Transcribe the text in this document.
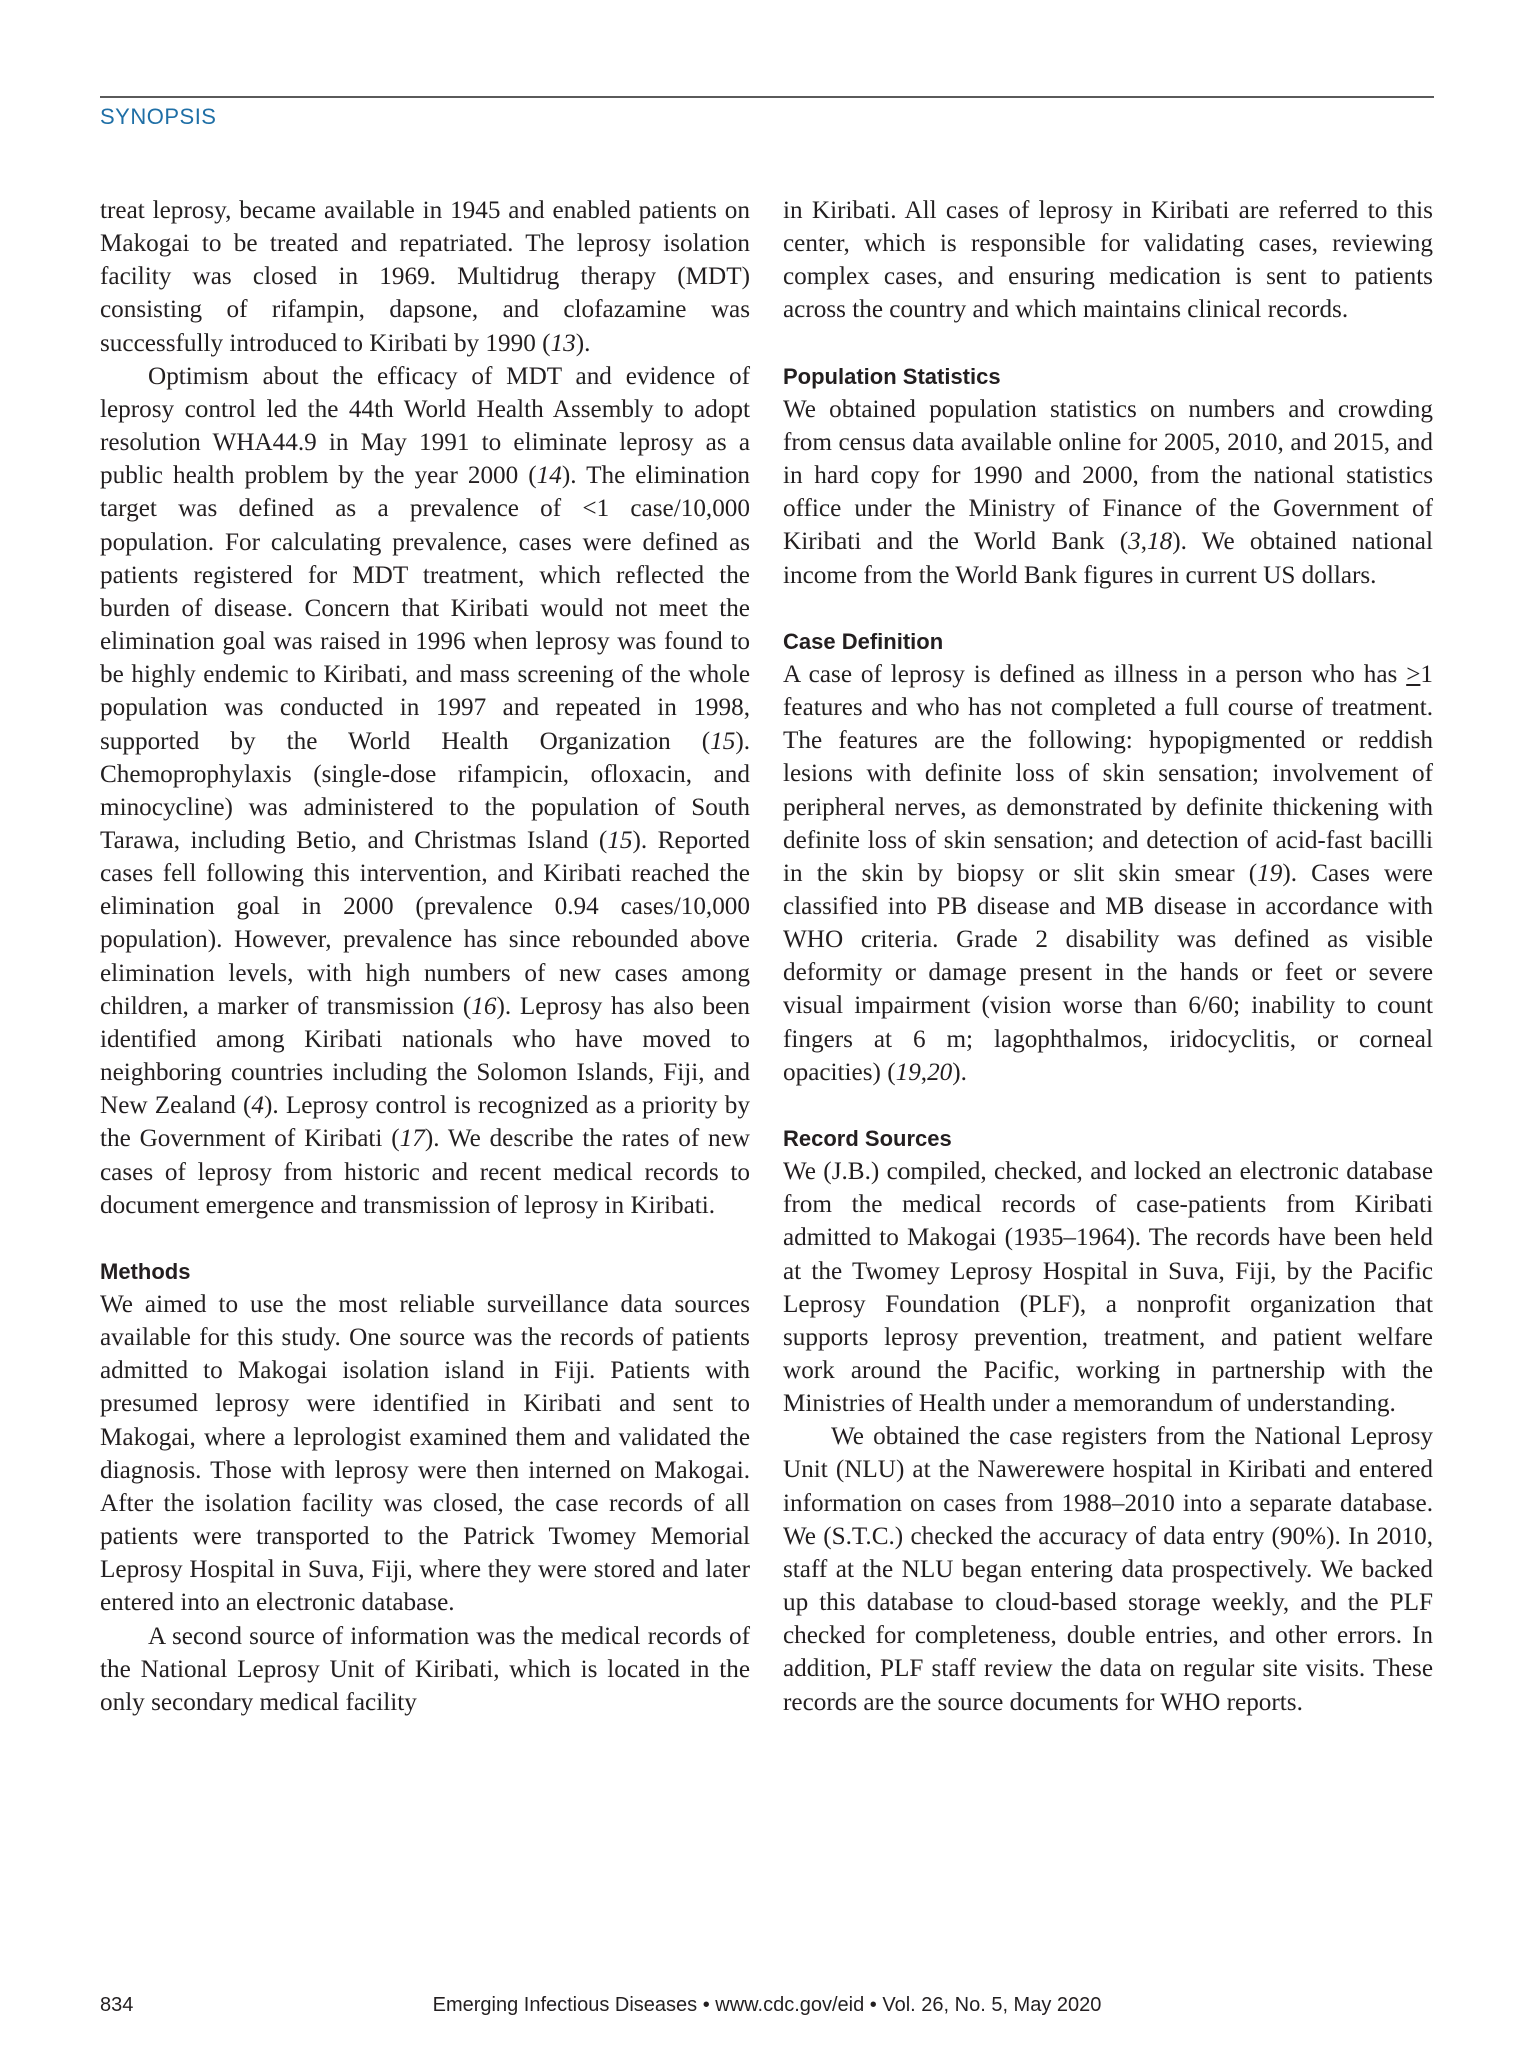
SYNOPSIS

treat leprosy, became available in 1945 and enabled patients on Makogai to be treated and repatriated. The leprosy isolation facility was closed in 1969. Multidrug therapy (MDT) consisting of rifampin, dapsone, and clofazamine was successfully introduced to Kiribati by 1990 (13).

Optimism about the efficacy of MDT and evidence of leprosy control led the 44th World Health Assembly to adopt resolution WHA44.9 in May 1991 to eliminate leprosy as a public health problem by the year 2000 (14). The elimination target was defined as a prevalence of <1 case/10,000 population. For calculating prevalence, cases were defined as patients registered for MDT treatment, which reflected the burden of disease. Concern that Kiribati would not meet the elimination goal was raised in 1996 when leprosy was found to be highly endemic to Kiribati, and mass screening of the whole population was conducted in 1997 and repeated in 1998, supported by the World Health Organization (15). Chemoprophylaxis (single-dose rifampicin, ofloxacin, and minocycline) was administered to the population of South Tarawa, including Betio, and Christmas Island (15). Reported cases fell following this intervention, and Kiribati reached the elimination goal in 2000 (prevalence 0.94 cases/10,000 population). However, prevalence has since rebounded above elimination levels, with high numbers of new cases among children, a marker of transmission (16). Leprosy has also been identified among Kiribati nationals who have moved to neighboring countries including the Solomon Islands, Fiji, and New Zealand (4). Leprosy control is recognized as a priority by the Government of Kiribati (17). We describe the rates of new cases of leprosy from historic and recent medical records to document emergence and transmission of leprosy in Kiribati.

Methods

We aimed to use the most reliable surveillance data sources available for this study. One source was the records of patients admitted to Makogai isolation island in Fiji. Patients with presumed leprosy were identified in Kiribati and sent to Makogai, where a leprologist examined them and validated the diagnosis. Those with leprosy were then interned on Makogai. After the isolation facility was closed, the case records of all patients were transported to the Patrick Twomey Memorial Leprosy Hospital in Suva, Fiji, where they were stored and later entered into an electronic database.

A second source of information was the medical records of the National Leprosy Unit of Kiribati, which is located in the only secondary medical facility

in Kiribati. All cases of leprosy in Kiribati are referred to this center, which is responsible for validating cases, reviewing complex cases, and ensuring medication is sent to patients across the country and which maintains clinical records.

Population Statistics

We obtained population statistics on numbers and crowding from census data available online for 2005, 2010, and 2015, and in hard copy for 1990 and 2000, from the national statistics office under the Ministry of Finance of the Government of Kiribati and the World Bank (3,18). We obtained national income from the World Bank figures in current US dollars.

Case Definition

A case of leprosy is defined as illness in a person who has >1 features and who has not completed a full course of treatment. The features are the following: hypopigmented or reddish lesions with definite loss of skin sensation; involvement of peripheral nerves, as demonstrated by definite thickening with definite loss of skin sensation; and detection of acid-fast bacilli in the skin by biopsy or slit skin smear (19). Cases were classified into PB disease and MB disease in accordance with WHO criteria. Grade 2 disability was defined as visible deformity or damage present in the hands or feet or severe visual impairment (vision worse than 6/60; inability to count fingers at 6 m; lagophthalmos, iridocyclitis, or corneal opacities) (19,20).

Record Sources

We (J.B.) compiled, checked, and locked an electronic database from the medical records of case-patients from Kiribati admitted to Makogai (1935–1964). The records have been held at the Twomey Leprosy Hospital in Suva, Fiji, by the Pacific Leprosy Foundation (PLF), a nonprofit organization that supports leprosy prevention, treatment, and patient welfare work around the Pacific, working in partnership with the Ministries of Health under a memorandum of understanding.

We obtained the case registers from the National Leprosy Unit (NLU) at the Nawerewere hospital in Kiribati and entered information on cases from 1988–2010 into a separate database. We (S.T.C.) checked the accuracy of data entry (90%). In 2010, staff at the NLU began entering data prospectively. We backed up this database to cloud-based storage weekly, and the PLF checked for completeness, double entries, and other errors. In addition, PLF staff review the data on regular site visits. These records are the source documents for WHO reports.

834	Emerging Infectious Diseases • www.cdc.gov/eid • Vol. 26, No. 5, May 2020
